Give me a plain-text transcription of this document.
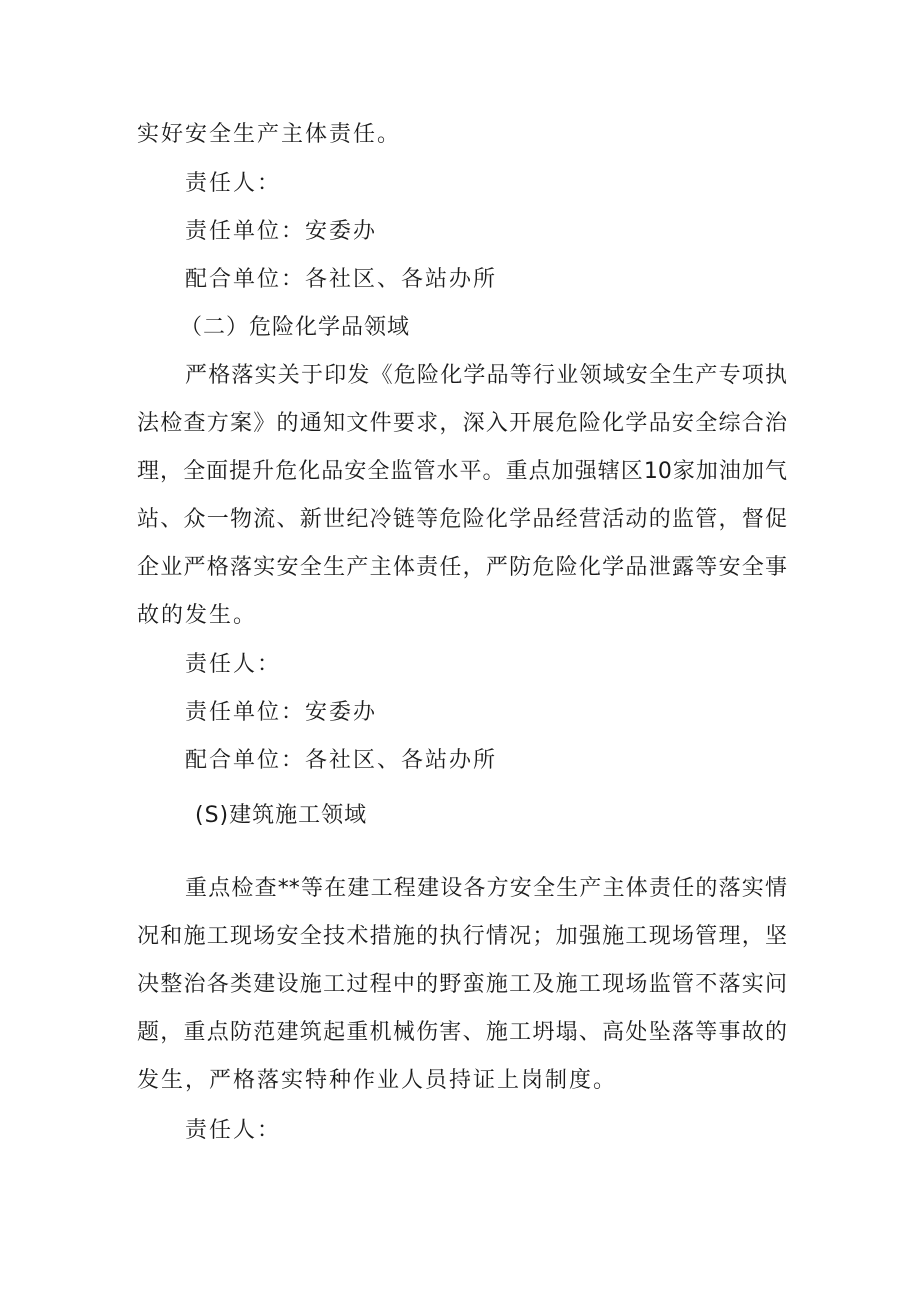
实好安全生产主体责任。
责任人：
责任单位：安委办
配合单位：各社区、各站办所
（二）危险化学品领域
严格落实关于印发《危险化学品等行业领域安全生产专项执
法检查方案》的通知文件要求，深入开展危险化学品安全综合治
理，全面提升危化品安全监管水平。重点加强辖区10家加油加气
站、众一物流、新世纪冷链等危险化学品经营活动的监管，督促
企业严格落实安全生产主体责任，严防危险化学品泄露等安全事
故的发生。
责任人：
责任单位：安委办
配合单位：各社区、各站办所
(S)建筑施工领域
重点检查**等在建工程建设各方安全生产主体责任的落实情
况和施工现场安全技术措施的执行情况；加强施工现场管理，坚
决整治各类建设施工过程中的野蛮施工及施工现场监管不落实问
题，重点防范建筑起重机械伤害、施工坍塌、高处坠落等事故的
发生，严格落实特种作业人员持证上岗制度。
责任人：
